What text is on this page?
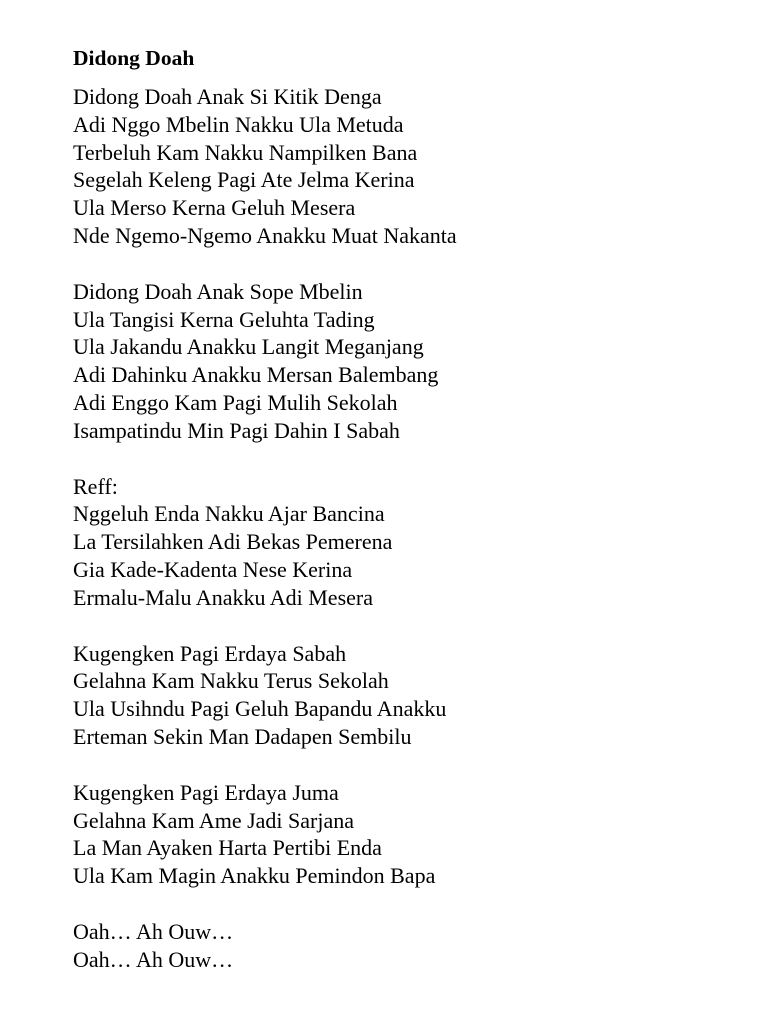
Didong Doah
Didong Doah Anak Si Kitik Denga
Adi Nggo Mbelin Nakku Ula Metuda
Terbeluh Kam Nakku Nampilken Bana
Segelah Keleng Pagi Ate Jelma Kerina
Ula Merso Kerna Geluh Mesera
Nde Ngemo-Ngemo Anakku Muat Nakanta
Didong Doah Anak Sope Mbelin
Ula Tangisi Kerna Geluhta Tading
Ula Jakandu Anakku Langit Meganjang
Adi Dahinku Anakku Mersan Balembang
Adi Enggo Kam Pagi Mulih Sekolah
Isampatindu Min Pagi Dahin I Sabah
Reff:
Nggeluh Enda Nakku Ajar Bancina
La Tersilahken Adi Bekas Pemerena
Gia Kade-Kadenta Nese Kerina
Ermalu-Malu Anakku Adi Mesera
Kugengken Pagi Erdaya Sabah
Gelahna Kam Nakku Terus Sekolah
Ula Usihndu Pagi Geluh Bapandu Anakku
Erteman Sekin Man Dadapen Sembilu
Kugengken Pagi Erdaya Juma
Gelahna Kam Ame Jadi Sarjana
La Man Ayaken Harta Pertibi Enda
Ula Kam Magin Anakku Pemindon Bapa
Oah… Ah Ouw…
Oah… Ah Ouw…
